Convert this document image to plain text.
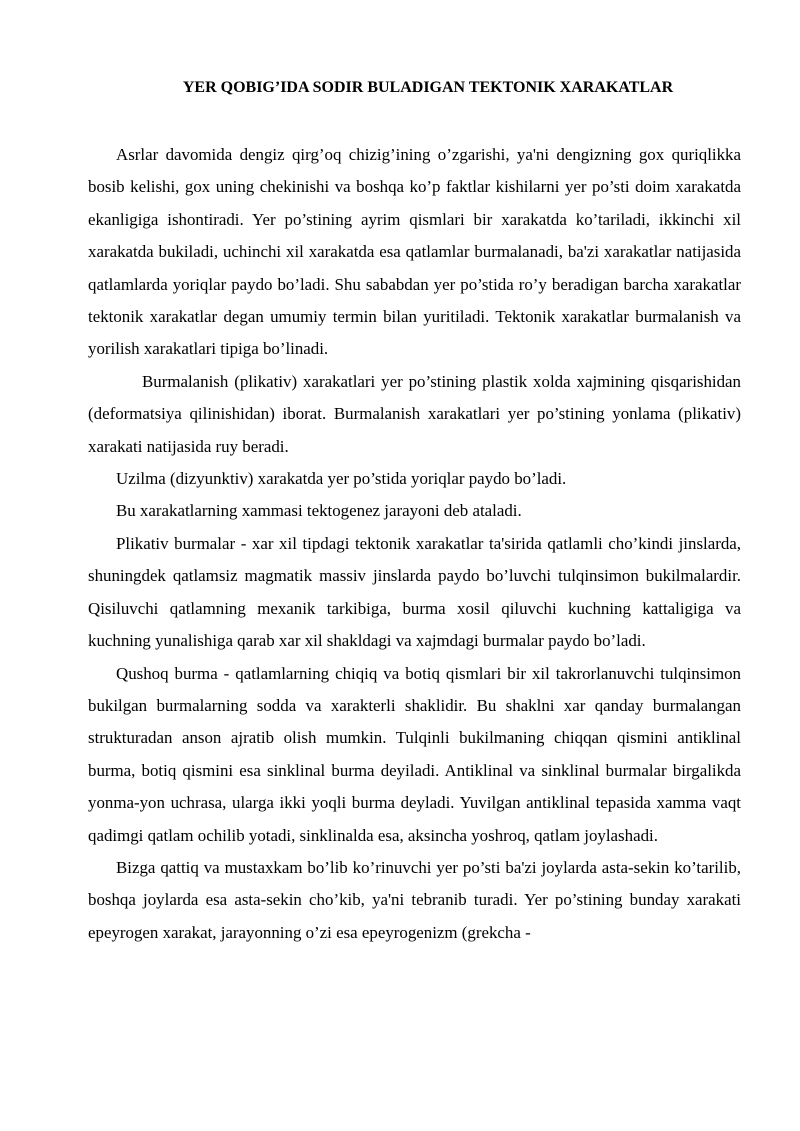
YER QOBIG’IDA SODIR BULADIGAN TEKTONIK XARAKATLAR

Asrlar davomida dengiz qirg’oq chizig’ining o’zgarishi, ya'ni dengizning gox quriqlikka bosib kelishi, gox uning chekinishi va boshqa ko’p faktlar kishilarni yer po’sti doim xarakatda ekanligiga ishontiradi. Yer po’stining ayrim qismlari bir xarakatda ko’tariladi, ikkinchi xil xarakatda bukiladi, uchinchi xil xarakatda esa qatlamlar burmalanadi, ba'zi xarakatlar natijasida qatlamlarda yoriqlar paydo bo’ladi. Shu sababdan yer po’stida ro’y beradigan barcha xarakatlar tektonik xarakatlar degan umumiy termin bilan yuritiladi. Tektonik xarakatlar burmalanish va yorilish xarakatlari tipiga bo’linadi.

Burmalanish (plikativ) xarakatlari yer po’stining plastik xolda xajmining qisqarishidan (deformatsiya qilinishidan) iborat. Burmalanish xarakatlari yer po’stining yonlama (plikativ) xarakati natijasida ruy beradi.

Uzilma (dizyunktiv) xarakatda yer po’stida yoriqlar paydo bo’ladi.

Bu xarakatlarning xammasi tektogenez jarayoni deb ataladi.

Plikativ burmalar - xar xil tipdagi tektonik xarakatlar ta'sirida qatlamli cho’kindi jinslarda, shuningdek qatlamsiz magmatik massiv jinslarda paydo bo’luvchi tulqinsimon bukilmalardir. Qisiluvchi qatlamning mexanik tarkibiga, burma xosil qiluvchi kuchning kattaligiga va kuchning yunalishiga qarab xar xil shakldagi va xajmdagi burmalar paydo bo’ladi.

Qushoq burma - qatlamlarning chiqiq va botiq qismlari bir xil takrorlanuvchi tulqinsimon bukilgan burmalarning sodda va xarakterli shaklidir. Bu shaklni xar qanday burmalangan strukturadan anson ajratib olish mumkin. Tulqinli bukilmaning chiqqan qismini antiklinal burma, botiq qismini esa sinklinal burma deyiladi. Antiklinal va sinklinal burmalar birgalikda yonma-yon uchrasa, ularga ikki yoqli burma deyladi. Yuvilgan antiklinal tepasida xamma vaqt qadimgi qatlam ochilib yotadi, sinklinalda esa, aksincha yoshroq, qatlam joylashadi.

Bizga qattiq va mustaxkam bo’lib ko’rinuvchi yer po’sti ba'zi joylarda asta-sekin ko’tarilib, boshqa joylarda esa asta-sekin cho’kib, ya'ni tebranib turadi. Yer po’stining bunday xarakati epeyrogen xarakat, jarayonning o’zi esa epeyrogenizm (grekcha -
